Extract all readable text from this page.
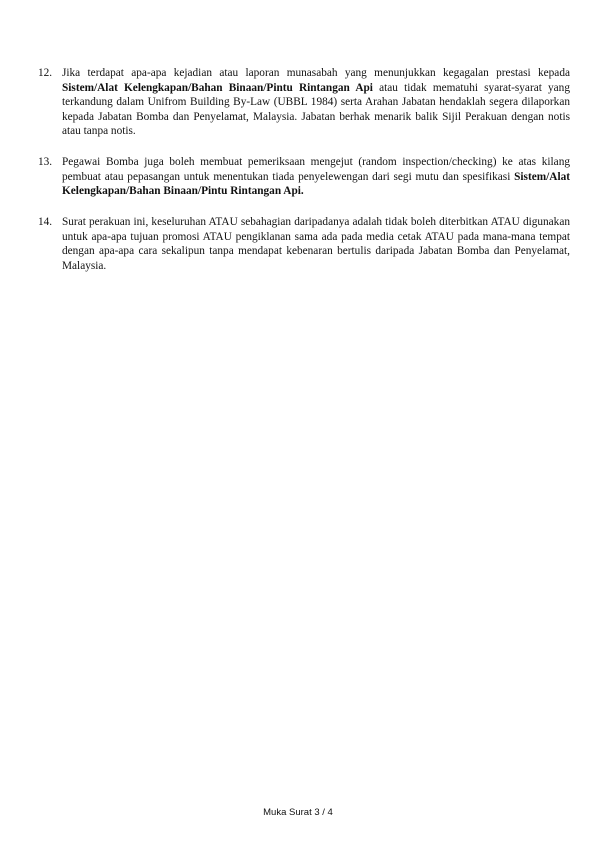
12. Jika terdapat apa-apa kejadian atau laporan munasabah yang menunjukkan kegagalan prestasi kepada Sistem/Alat Kelengkapan/Bahan Binaan/Pintu Rintangan Api atau tidak mematuhi syarat-syarat yang terkandung dalam Unifrom Building By-Law (UBBL 1984) serta Arahan Jabatan hendaklah segera dilaporkan kepada Jabatan Bomba dan Penyelamat, Malaysia. Jabatan berhak menarik balik Sijil Perakuan dengan notis atau tanpa notis.
13. Pegawai Bomba juga boleh membuat pemeriksaan mengejut (random inspection/checking) ke atas kilang pembuat atau pepasangan untuk menentukan tiada penyelewengan dari segi mutu dan spesifikasi Sistem/Alat Kelengkapan/Bahan Binaan/Pintu Rintangan Api.
14. Surat perakuan ini, keseluruhan ATAU sebahagian daripadanya adalah tidak boleh diterbitkan ATAU digunakan untuk apa-apa tujuan promosi ATAU pengiklanan sama ada pada media cetak ATAU pada mana-mana tempat dengan apa-apa cara sekalipun tanpa mendapat kebenaran bertulis daripada Jabatan Bomba dan Penyelamat, Malaysia.
Muka Surat 3 / 4
